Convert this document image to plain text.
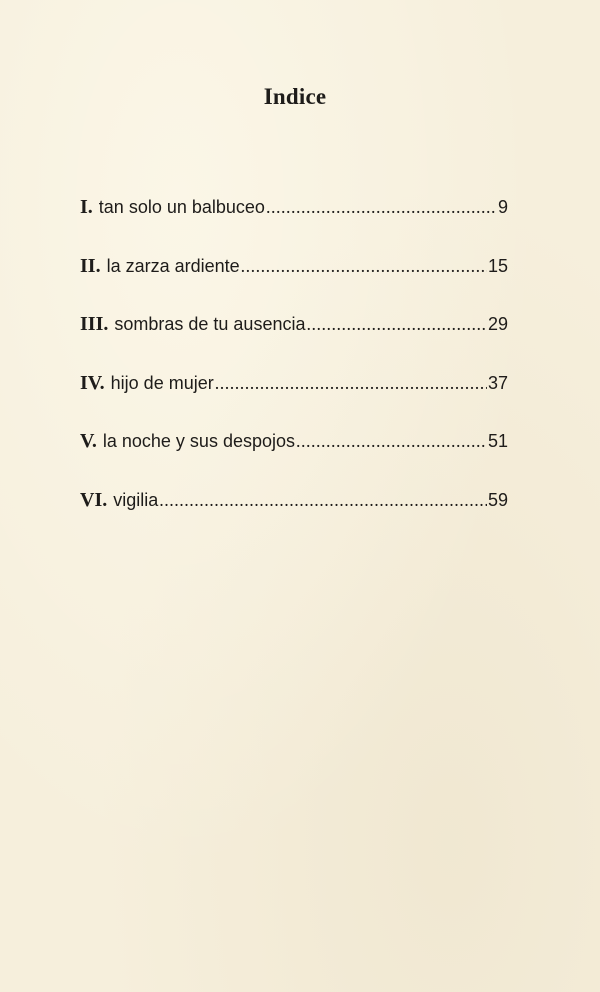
Indice
I. tan solo un balbuceo .....	9
II. la zarza ardiente .....	15
III. sombras de tu ausencia .....	29
IV. hijo de mujer .....	37
V. la noche y sus despojos .....	51
VI. vigilia .....	59
